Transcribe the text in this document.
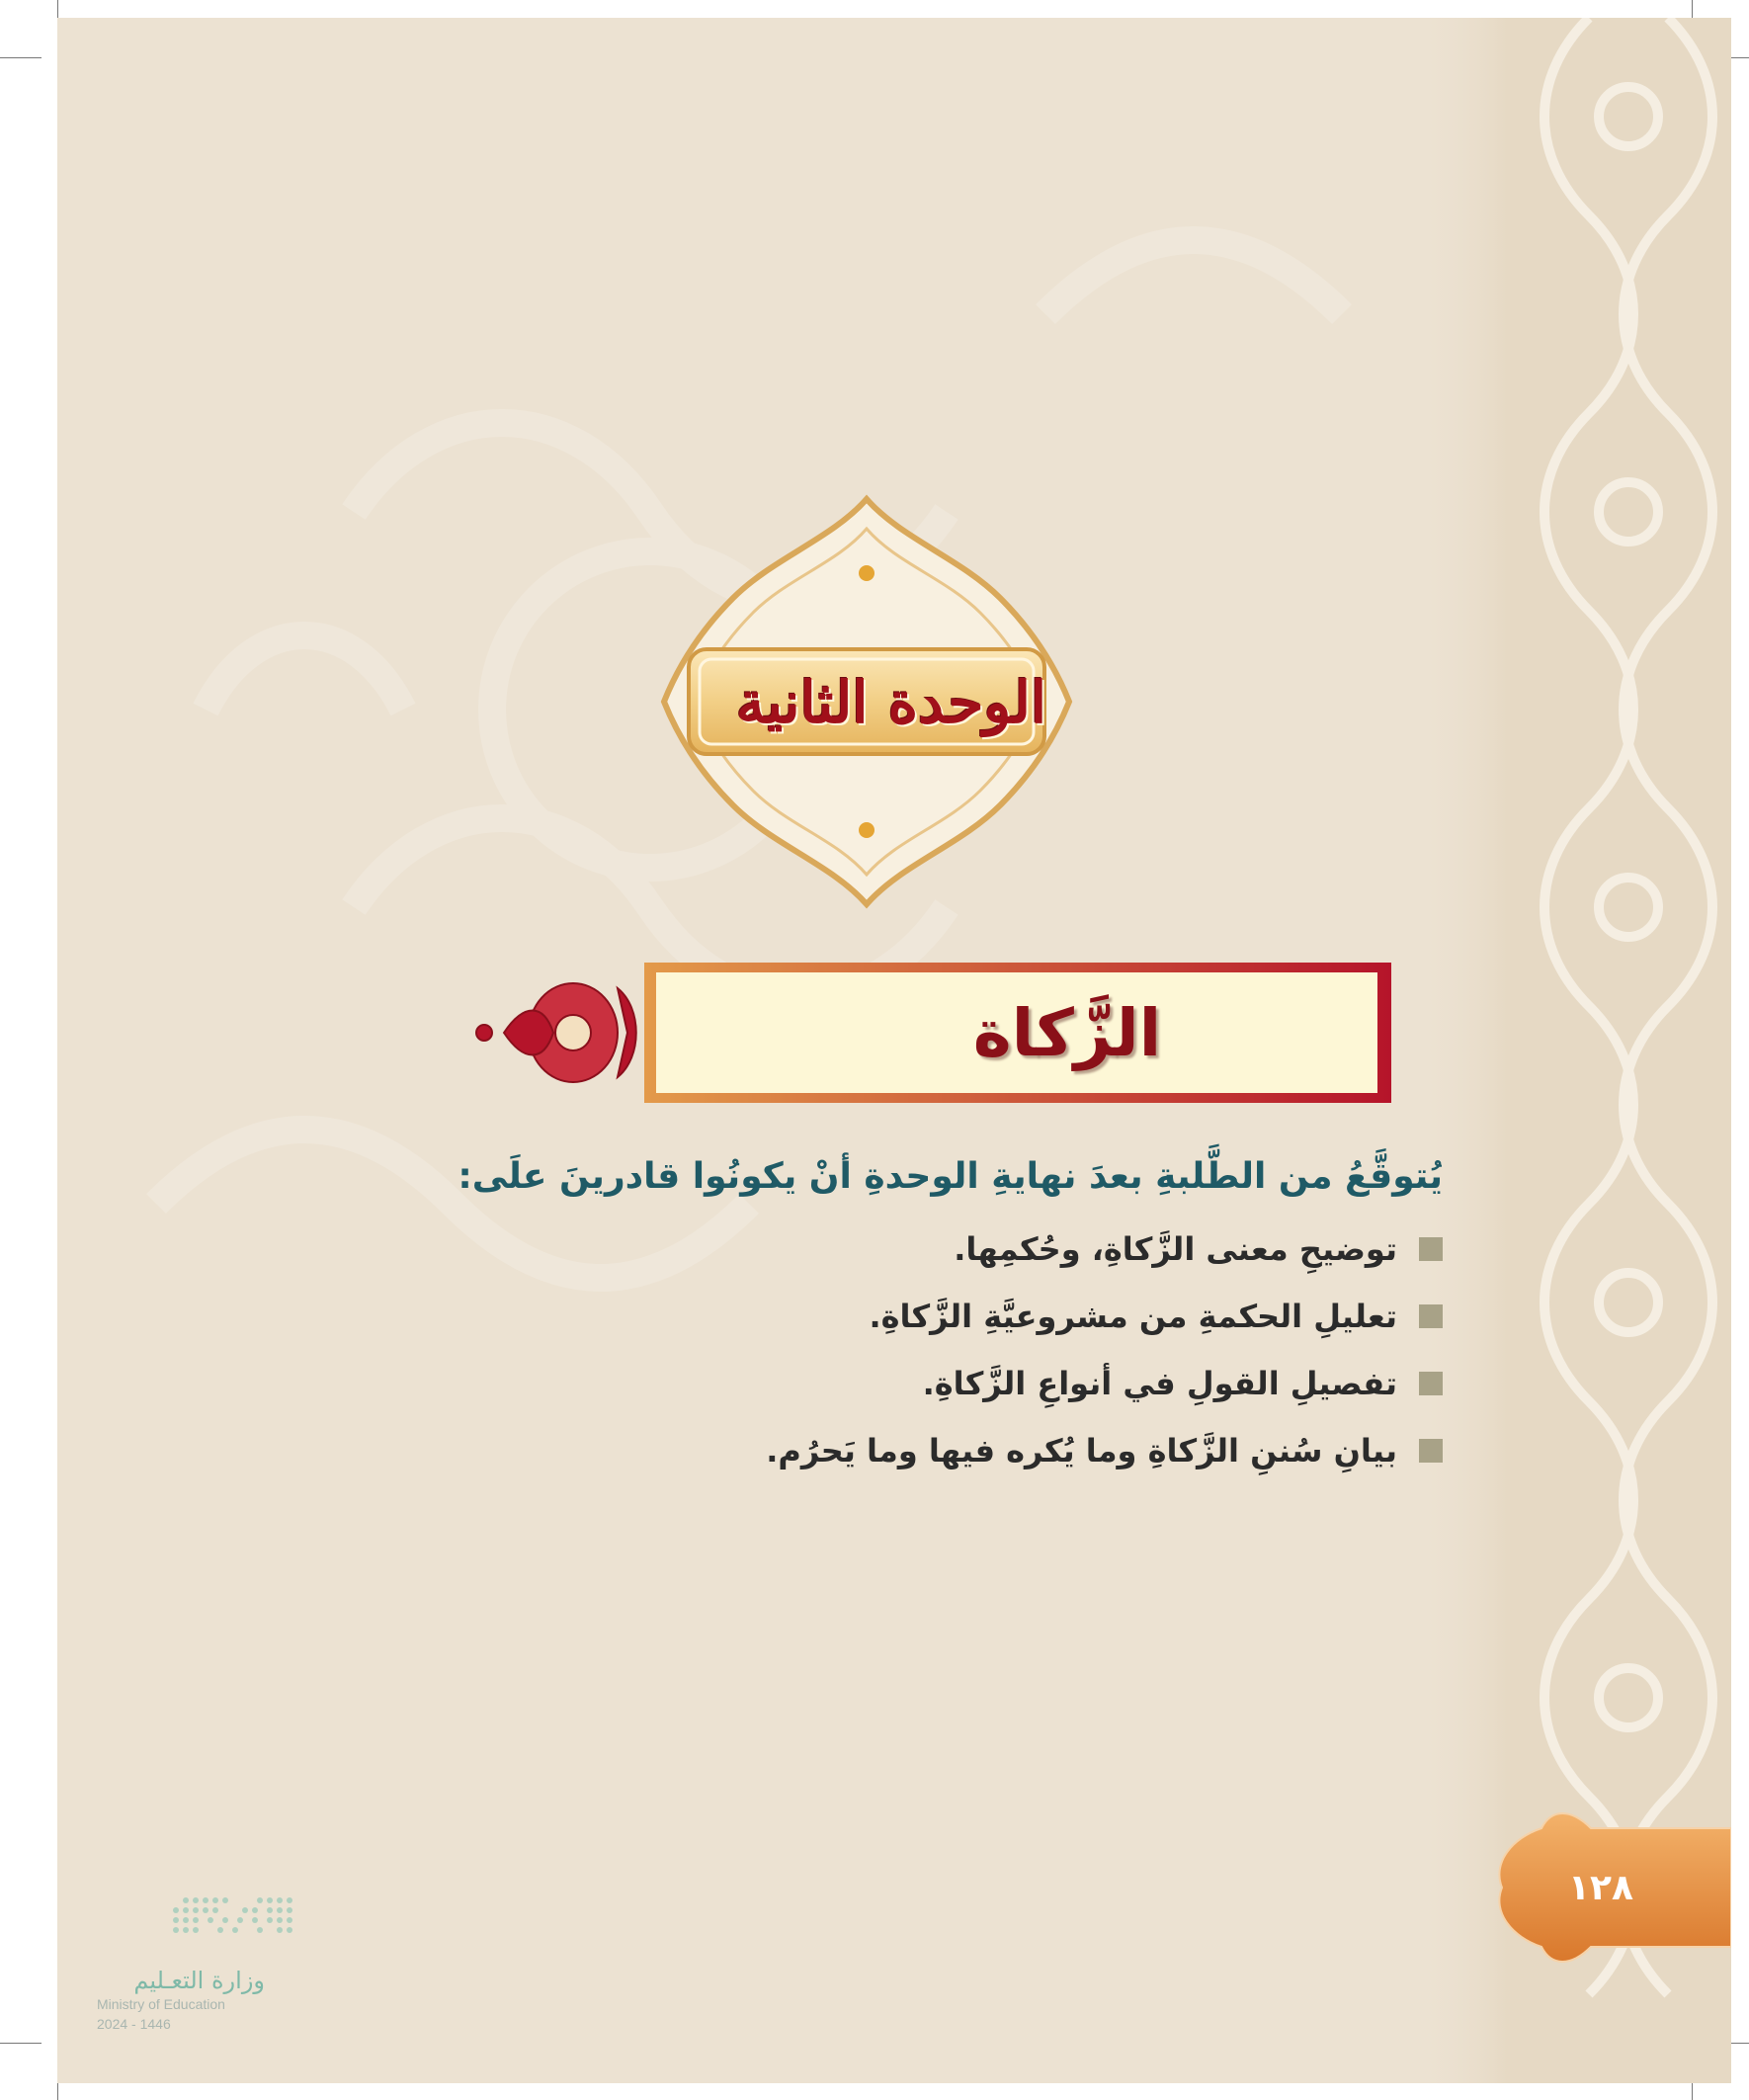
الوحدة الثانية
الزَّكاة

يُتوقَّعُ من الطَّلبةِ بعدَ نهايةِ الوحدةِ أنْ يكونُوا قادرينَ علَى:

توضيحِ معنى الزَّكاةِ، وحُكمِها.
تعليلِ الحكمةِ من مشروعيَّةِ الزَّكاةِ.
تفصيلِ القولِ في أنواعِ الزَّكاةِ.
بيانِ سُننِ الزَّكاةِ وما يُكره فيها وما يَحرُم.
١٢٨
وزارة التعـليم
Ministry of Education
2024 - 1446
